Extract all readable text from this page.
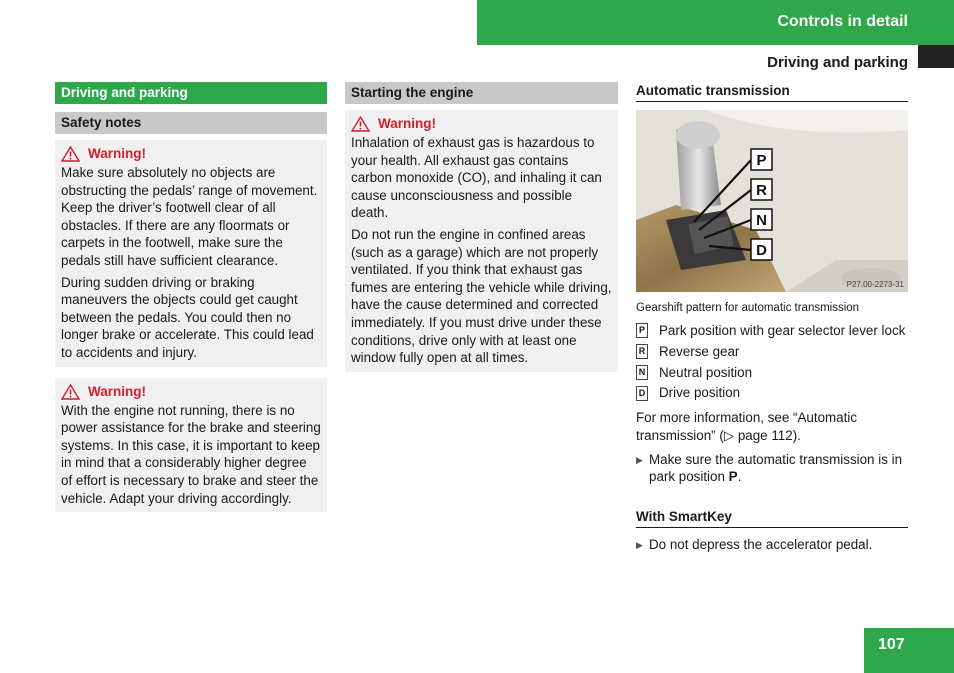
Controls in detail
Driving and parking
Driving and parking
Safety notes
Warning!

Make sure absolutely no objects are obstructing the pedals’ range of movement. Keep the driver’s footwell clear of all obstacles. If there are any floormats or carpets in the footwell, make sure the pedals still have sufficient clearance.

During sudden driving or braking maneuvers the objects could get caught between the pedals. You could then no longer brake or accelerate. This could lead to accidents and injury.

Warning!

With the engine not running, there is no power assistance for the brake and steering systems. In this case, it is important to keep in mind that a considerably higher degree of effort is necessary to brake and steer the vehicle. Adapt your driving accordingly.

Starting the engine
Warning!

Inhalation of exhaust gas is hazardous to your health. All exhaust gas contains carbon monoxide (CO), and inhaling it can cause unconsciousness and possible death.

Do not run the engine in confined areas (such as a garage) which are not properly ventilated. If you think that exhaust gas fumes are entering the vehicle while driving, have the cause determined and corrected immediately. If you must drive under these conditions, drive only with at least one window fully open at all times.

Automatic transmission
P
R
N
D
P27.00-2273-31
Gearshift pattern for automatic transmission
P Park position with gear selector lever lock
R Reverse gear
N Neutral position
D Drive position
For more information, see “Automatic transmission” (▷ page 112).
▶ Make sure the automatic transmission is in park position P.
With SmartKey
▶ Do not depress the accelerator pedal.
107
